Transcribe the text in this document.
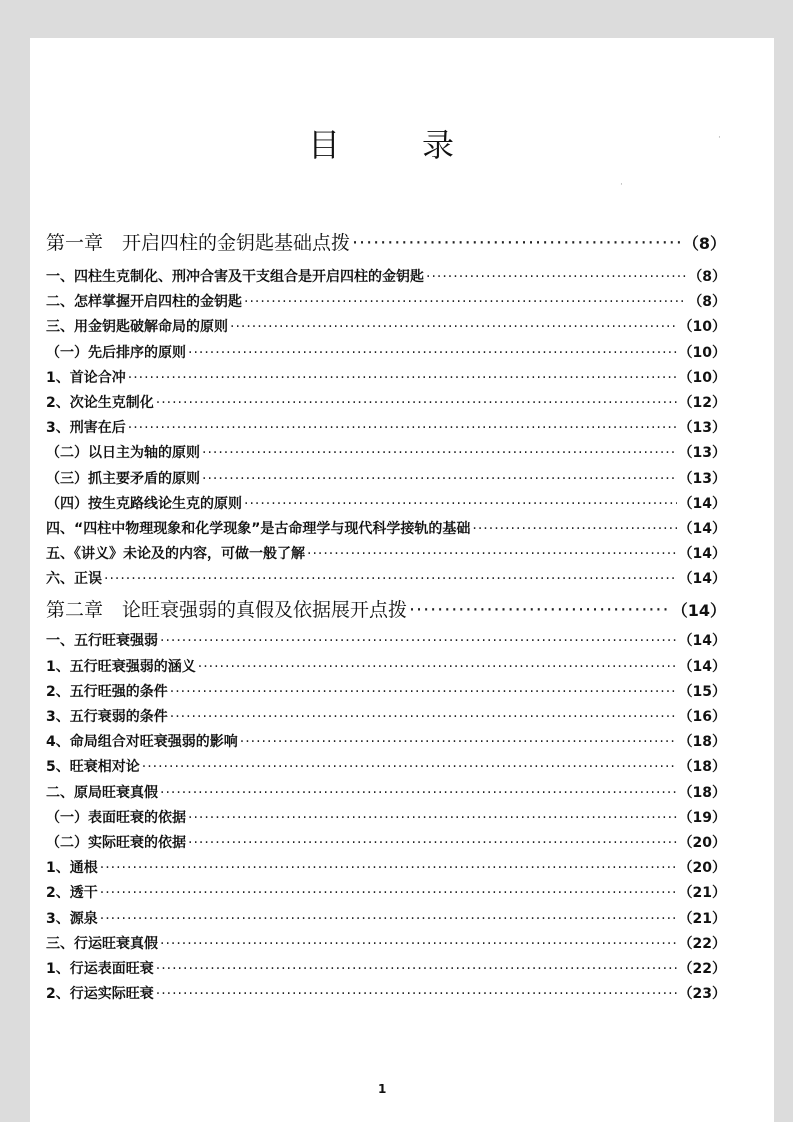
目	录	·
·
第一章　开启四柱的金钥匙基础点拨 ·····	（8）
一、四柱生克制化、刑冲合害及干支组合是开启四柱的金钥匙 ·····	（8）
二、怎样掌握开启四柱的金钥匙 ·····	（8）
三、用金钥匙破解命局的原则 ·····	（10）
（一）先后排序的原则 ·····	（10）
1、首论合冲 ·····	（10）
2、次论生克制化 ·····	（12）
3、刑害在后 ·····	（13）
（二）以日主为轴的原则 ·····	（13）
（三）抓主要矛盾的原则 ·····	（13）
（四）按生克路线论生克的原则 ·····	（14）
四、“四柱中物理现象和化学现象”是古命理学与现代科学接轨的基础 ·····	（14）
五、《讲义》未论及的内容，可做一般了解 ·····	（14）
六、正误 ·····	（14）
第二章　论旺衰强弱的真假及依据展开点拨 ·····	（14）
一、五行旺衰强弱 ·····	（14）
1、五行旺衰强弱的涵义 ·····	（14）
2、五行旺强的条件 ·····	（15）
3、五行衰弱的条件 ·····	（16）
4、命局组合对旺衰强弱的影响 ·····	（18）
5、旺衰相对论 ·····	（18）
二、原局旺衰真假 ·····	（18）
（一）表面旺衰的依据 ·····	（19）
（二）实际旺衰的依据 ·····	（20）
1、通根 ·····	（20）
2、透干 ·····	（21）
3、源泉 ·····	（21）
三、行运旺衰真假 ·····	（22）
1、行运表面旺衰 ·····	（22）
2、行运实际旺衰 ·····	（23）
1
